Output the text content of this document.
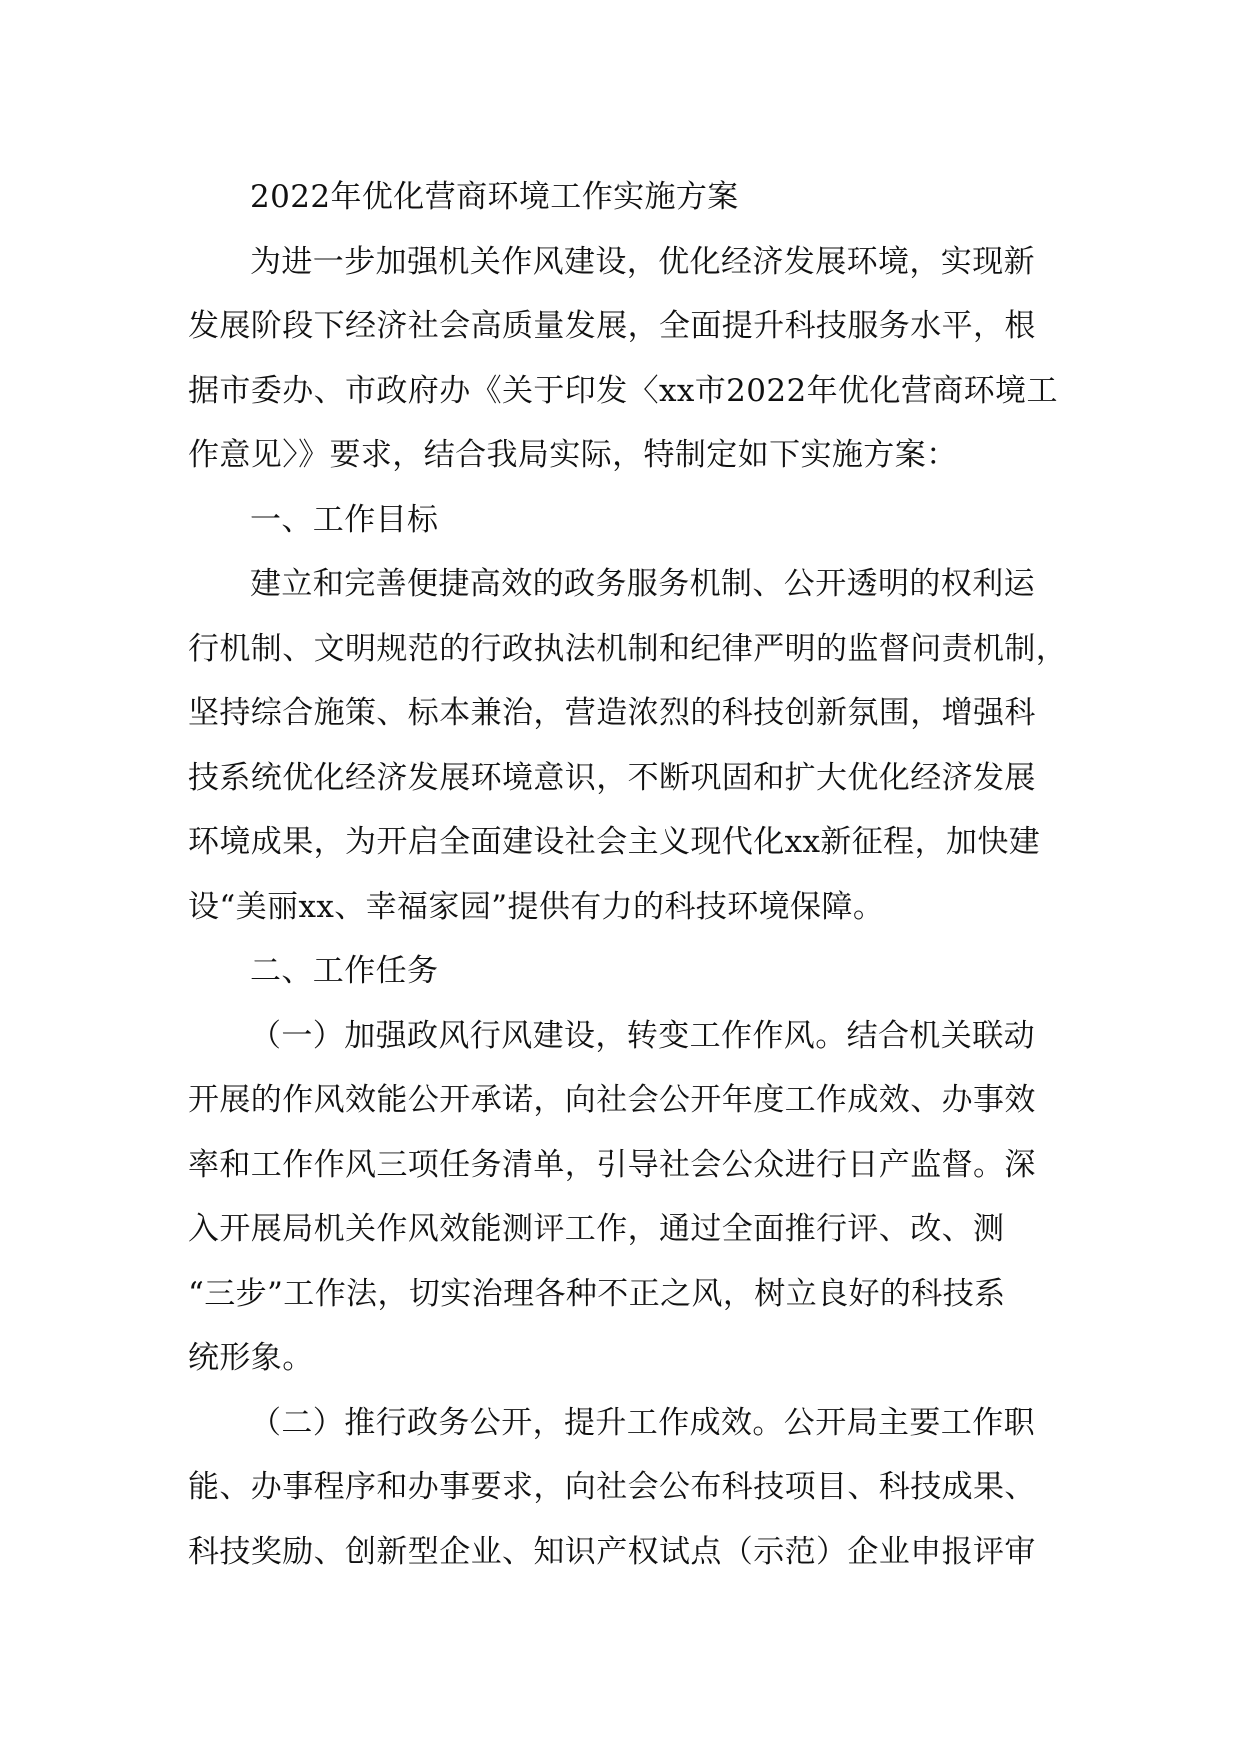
2022年优化营商环境工作实施方案
为进一步加强机关作风建设，优化经济发展环境，实现新
发展阶段下经济社会高质量发展，全面提升科技服务水平，根
据市委办、市政府办《关于印发〈xx市2022年优化营商环境工
作意见〉》要求，结合我局实际，特制定如下实施方案：
一、工作目标
建立和完善便捷高效的政务服务机制、公开透明的权利运
行机制、文明规范的行政执法机制和纪律严明的监督问责机制，
坚持综合施策、标本兼治，营造浓烈的科技创新氛围，增强科
技系统优化经济发展环境意识，不断巩固和扩大优化经济发展
环境成果，为开启全面建设社会主义现代化xx新征程，加快建
设“美丽xx、幸福家园”提供有力的科技环境保障。
二、工作任务
（一）加强政风行风建设，转变工作作风。结合机关联动
开展的作风效能公开承诺，向社会公开年度工作成效、办事效
率和工作作风三项任务清单，引导社会公众进行日产监督。深
入开展局机关作风效能测评工作，通过全面推行评、改、测
“三步”工作法，切实治理各种不正之风，树立良好的科技系
统形象。
（二）推行政务公开，提升工作成效。公开局主要工作职
能、办事程序和办事要求，向社会公布科技项目、科技成果、
科技奖励、创新型企业、知识产权试点（示范）企业申报评审
